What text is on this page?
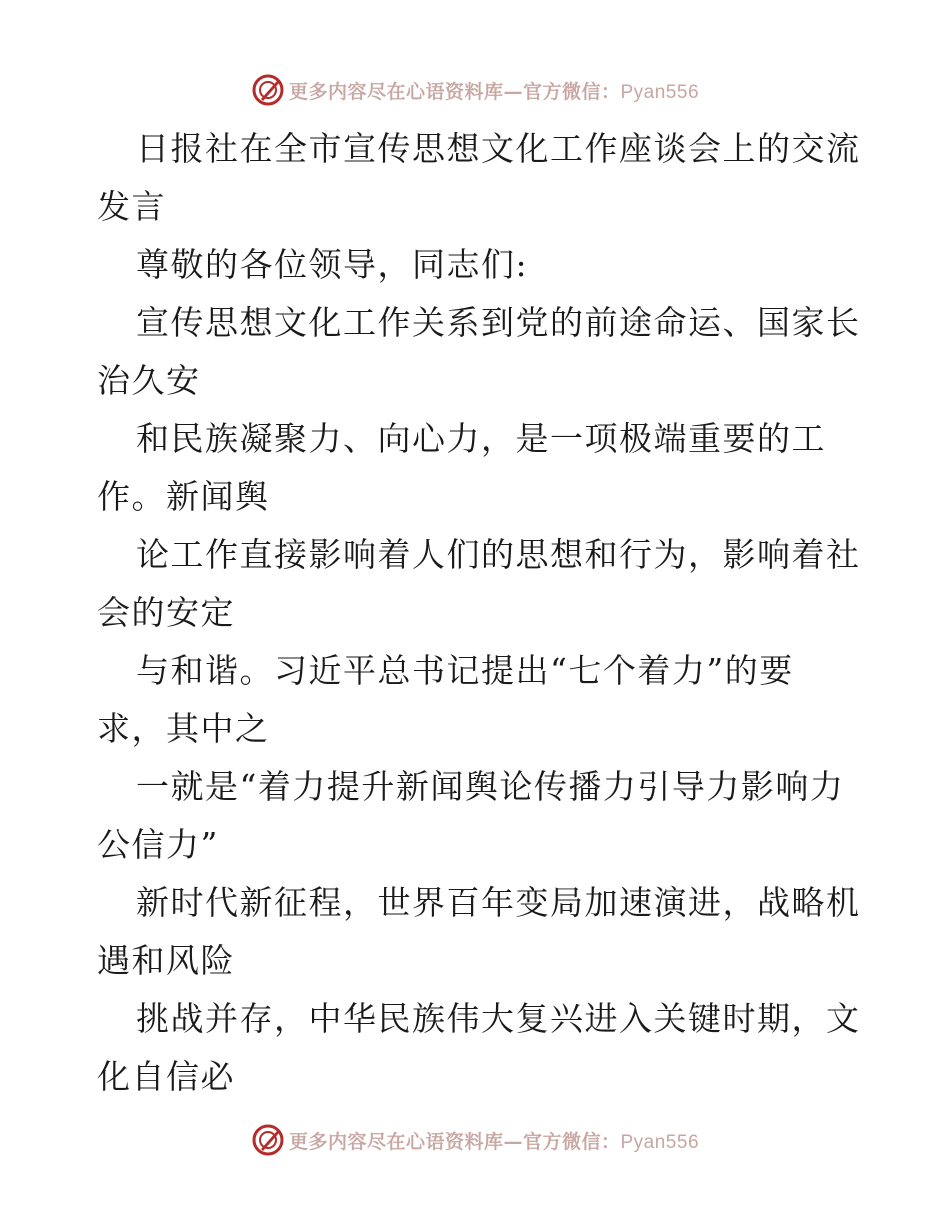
更多内容尽在心语资料库—官方微信：Pyan556
日报社在全市宣传思想文化工作座谈会上的交流
发言
尊敬的各位领导，同志们:
宣传思想文化工作关系到党的前途命运、国家长
治久安
和民族凝聚力、向心力，是一项极端重要的工
作。新闻舆
论工作直接影响着人们的思想和行为，影响着社
会的安定
与和谐。习近平总书记提出“七个着力”的要
求，其中之
一就是“着力提升新闻舆论传播力引导力影响力
公信力”
新时代新征程，世界百年变局加速演进，战略机
遇和风险
挑战并存，中华民族伟大复兴进入关键时期，文
化自信必
更多内容尽在心语资料库—官方微信：Pyan556
